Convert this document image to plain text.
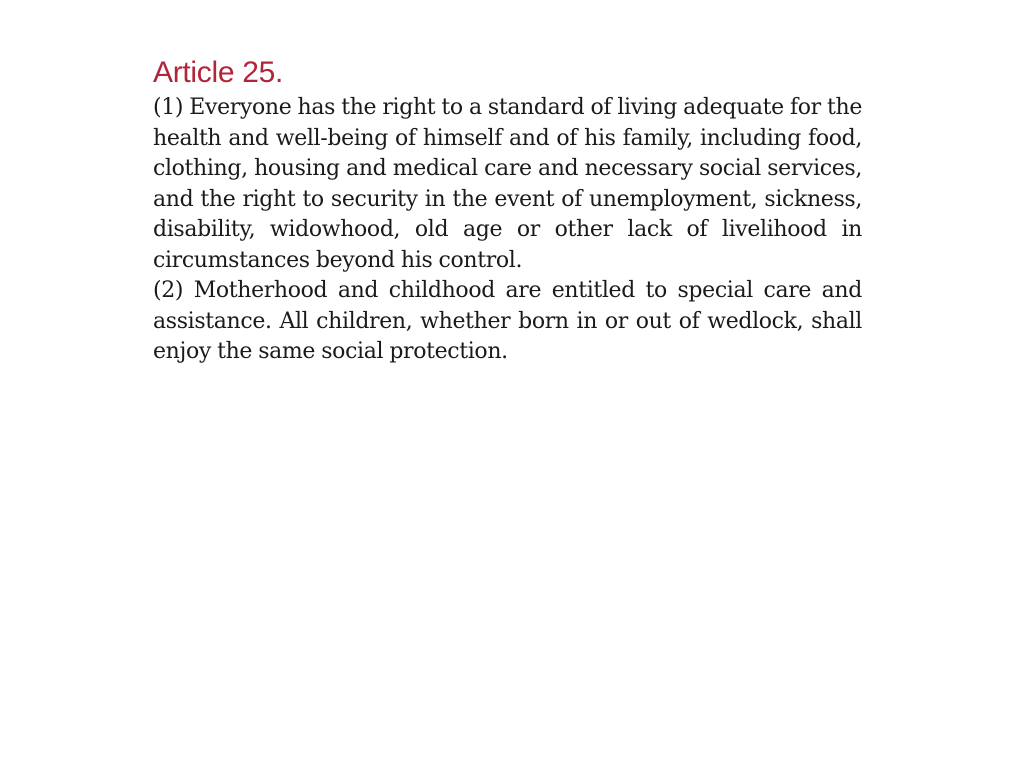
Article 25.

(1) Everyone has the right to a standard of living adequate for the health and well-being of himself and of his family, including food, clothing, housing and medical care and necessary social services, and the right to security in the event of unemployment, sickness, disability, widowhood, old age or other lack of livelihood in circumstances beyond his control.

(2) Motherhood and childhood are entitled to special care and assistance. All children, whether born in or out of wedlock, shall enjoy the same social protection.
